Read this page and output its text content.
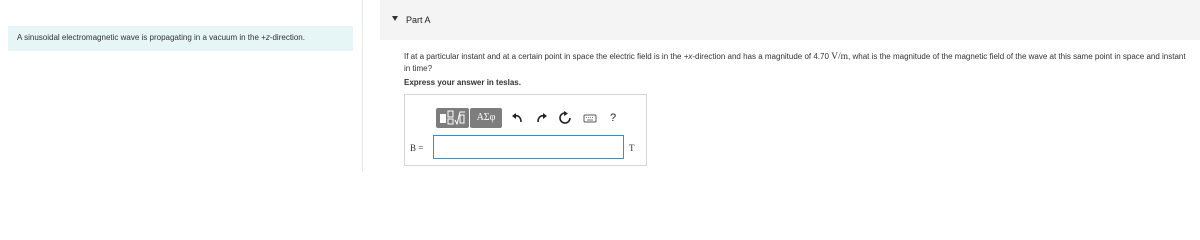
A sinusoidal electromagnetic wave is propagating in a vacuum in the +z-direction.
Part A
If at a particular instant and at a certain point in space the electric field is in the +x-direction and has a magnitude of 4.70 V/m, what is the magnitude of the magnetic field of the wave at this same point in space and instant in time?
Express your answer in teslas.
ΑΣφ	?
B =	T
